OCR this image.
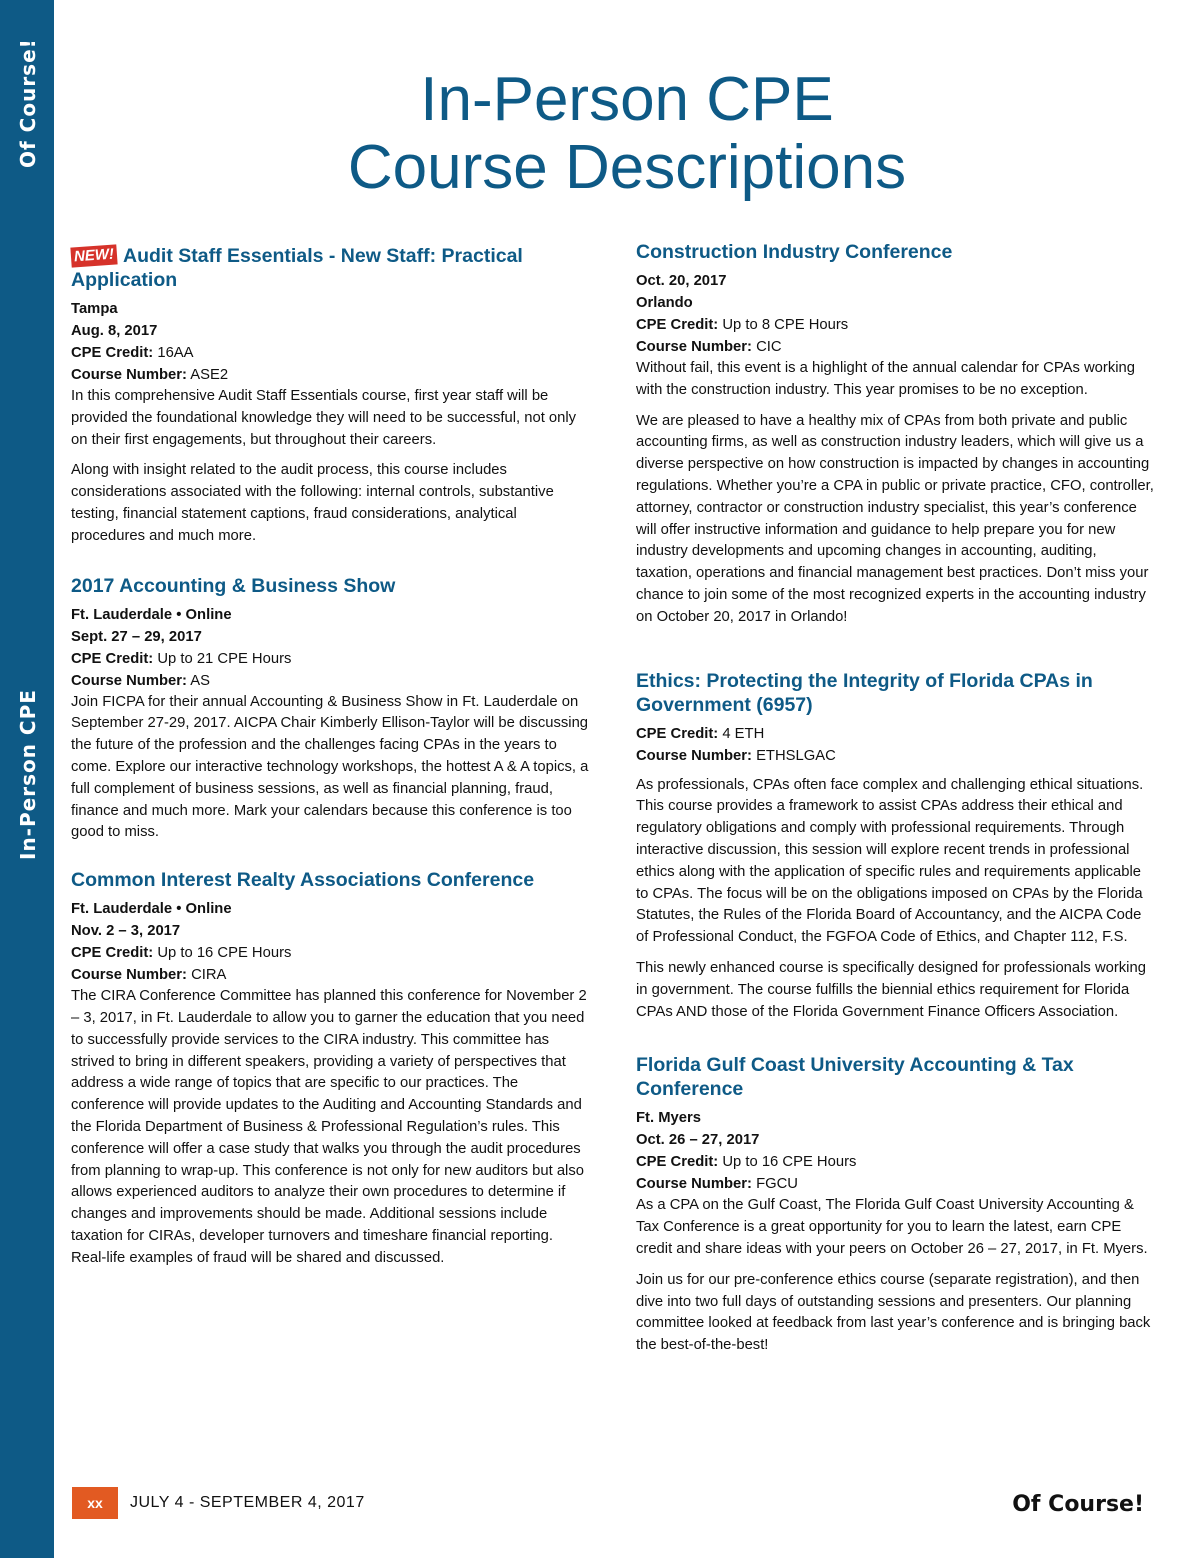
Of Course!
In-Person CPE
In-Person CPE
Course Descriptions
NEW! Audit Staff Essentials - New Staff: Practical Application
Tampa
Aug. 8, 2017
CPE Credit: 16AA
Course Number: ASE2

In this comprehensive Audit Staff Essentials course, first year staff will be provided the foundational knowledge they will need to be successful, not only on their first engagements, but throughout their careers.

Along with insight related to the audit process, this course includes considerations associated with the following: internal controls, substantive testing, financial statement captions, fraud considerations, analytical procedures and much more.

2017 Accounting & Business Show
Ft. Lauderdale • Online
Sept. 27 – 29, 2017
CPE Credit: Up to 21 CPE Hours
Course Number: AS

Join FICPA for their annual Accounting & Business Show in Ft. Lauderdale on September 27-29, 2017. AICPA Chair Kimberly Ellison-Taylor will be discussing the future of the profession and the challenges facing CPAs in the years to come. Explore our interactive technology workshops, the hottest A & A topics, a full complement of business sessions, as well as financial planning, fraud, finance and much more. Mark your calendars because this conference is too good to miss.

Common Interest Realty Associations Conference
Ft. Lauderdale • Online
Nov. 2 – 3, 2017
CPE Credit: Up to 16 CPE Hours
Course Number: CIRA

The CIRA Conference Committee has planned this conference for November 2 – 3, 2017, in Ft. Lauderdale to allow you to garner the education that you need to successfully provide services to the CIRA industry. This committee has strived to bring in different speakers, providing a variety of perspectives that address a wide range of topics that are specific to our practices. The conference will provide updates to the Auditing and Accounting Standards and the Florida Department of Business & Professional Regulation’s rules. This conference will offer a case study that walks you through the audit procedures from planning to wrap-up. This conference is not only for new auditors but also allows experienced auditors to analyze their own procedures to determine if changes and improvements should be made. Additional sessions include taxation for CIRAs, developer turnovers and timeshare financial reporting. Real-life examples of fraud will be shared and discussed.

Construction Industry Conference
Oct. 20, 2017
Orlando
CPE Credit: Up to 8 CPE Hours
Course Number: CIC

Without fail, this event is a highlight of the annual calendar for CPAs working with the construction industry. This year promises to be no exception.

We are pleased to have a healthy mix of CPAs from both private and public accounting firms, as well as construction industry leaders, which will give us a diverse perspective on how construction is impacted by changes in accounting regulations. Whether you’re a CPA in public or private practice, CFO, controller, attorney, contractor or construction industry specialist, this year’s conference will offer instructive information and guidance to help prepare you for new industry developments and upcoming changes in accounting, auditing, taxation, operations and financial management best practices. Don’t miss your chance to join some of the most recognized experts in the accounting industry on October 20, 2017 in Orlando!

Ethics: Protecting the Integrity of Florida CPAs in Government (6957)
CPE Credit: 4 ETH
Course Number: ETHSLGAC

As professionals, CPAs often face complex and challenging ethical situations. This course provides a framework to assist CPAs address their ethical and regulatory obligations and comply with professional requirements. Through interactive discussion, this session will explore recent trends in professional ethics along with the application of specific rules and requirements applicable to CPAs. The focus will be on the obligations imposed on CPAs by the Florida Statutes, the Rules of the Florida Board of Accountancy, and the AICPA Code of Professional Conduct, the FGFOA Code of Ethics, and Chapter 112, F.S.

This newly enhanced course is specifically designed for professionals working in government. The course fulfills the biennial ethics requirement for Florida CPAs AND those of the Florida Government Finance Officers Association.

Florida Gulf Coast University Accounting & Tax Conference
Ft. Myers
Oct. 26 – 27, 2017
CPE Credit: Up to 16 CPE Hours
Course Number: FGCU

As a CPA on the Gulf Coast, The Florida Gulf Coast University Accounting & Tax Conference is a great opportunity for you to learn the latest, earn CPE credit and share ideas with your peers on October 26 – 27, 2017, in Ft. Myers.

Join us for our pre-conference ethics course (separate registration), and then dive into two full days of outstanding sessions and presenters. Our planning committee looked at feedback from last year’s conference and is bringing back the best-of-the-best!

xx	JULY 4 - SEPTEMBER 4, 2017	Of Course!
